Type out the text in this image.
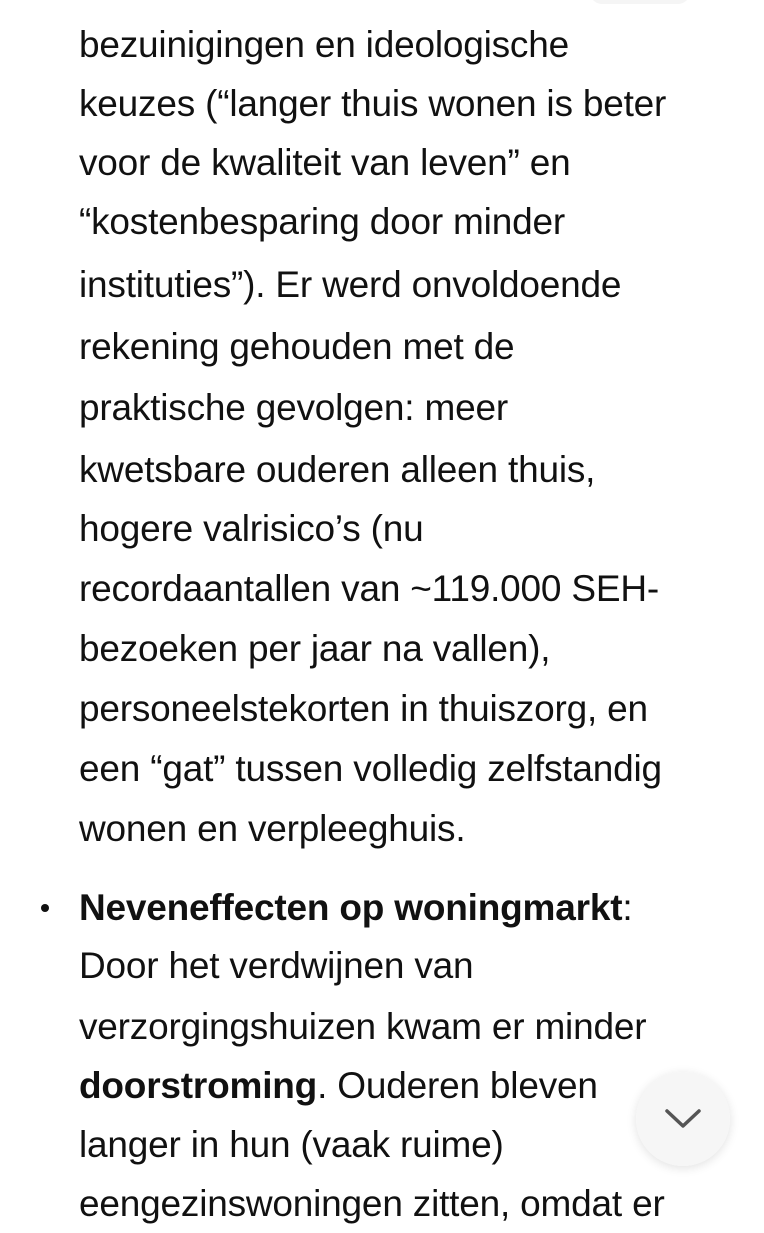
bezuinigingen en ideologische
keuzes (“langer thuis wonen is beter
voor de kwaliteit van leven” en
“kostenbesparing door minder
instituties”). Er werd onvoldoende
rekening gehouden met de
praktische gevolgen: meer
kwetsbare ouderen alleen thuis,
hogere valrisico’s (nu
recordaantallen van ~119.000 SEH-
bezoeken per jaar na vallen),
personeelstekorten in thuiszorg, en
een “gat” tussen volledig zelfstandig
wonen en verpleeghuis.
Neveneffecten op woningmarkt:
Door het verdwijnen van
verzorgingshuizen kwam er minder
doorstroming. Ouderen bleven
langer in hun (vaak ruime)
eengezinswoningen zitten, omdat er
